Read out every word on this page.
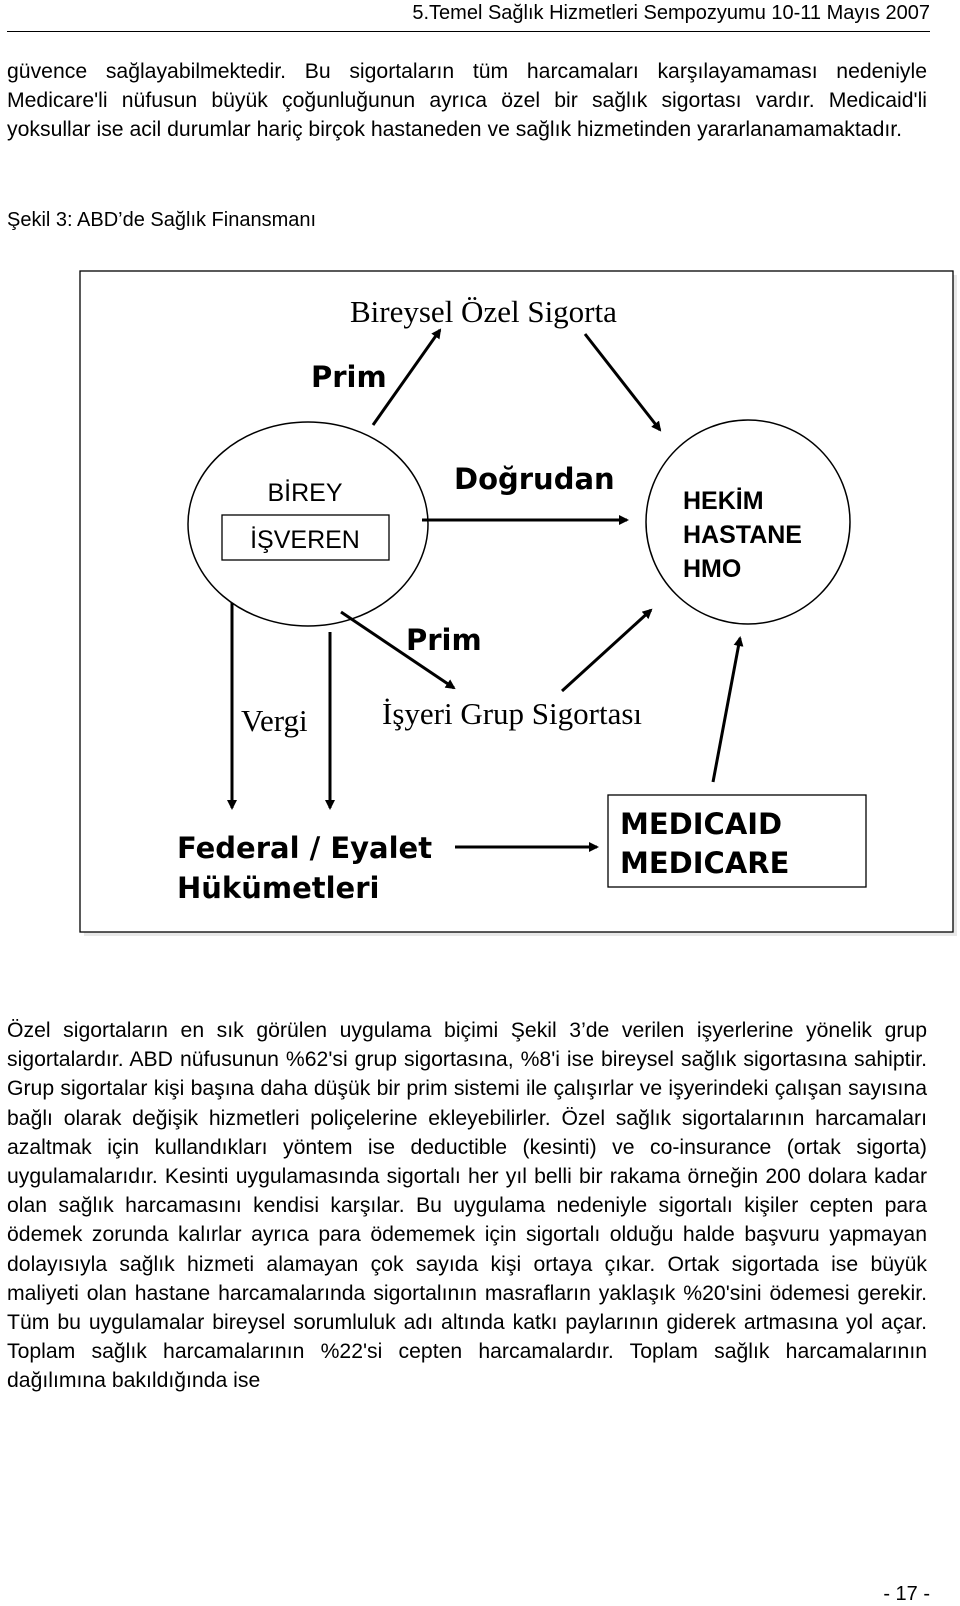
5.Temel Sağlık Hizmetleri Sempozyumu 10-11 Mayıs 2007

güvence sağlayabilmektedir. Bu sigortaların tüm harcamaları karşılayamaması nedeniyle Medicare'li nüfusun büyük çoğunluğunun ayrıca özel bir sağlık sigortası vardır. Medicaid'li yoksullar ise acil durumlar hariç birçok hastaneden ve sağlık hizmetinden yararlanamamaktadır.

Şekil 3: ABD’de Sağlık Finansmanı
Bireysel Özel Sigorta
Prim
BİREY
İŞVEREN
Doğrudan
HEKİM
HASTANE
HMO
Prim
Vergi İşyeri Grup Sigortası
Federal / Eyalet
Hükümetleri
MEDICAID
MEDICARE

Özel sigortaların en sık görülen uygulama biçimi Şekil 3’de verilen işyerlerine yönelik grup sigortalardır. ABD nüfusunun %62'si grup sigortasına, %8'i ise bireysel sağlık sigortasına sahiptir. Grup sigortalar kişi başına daha düşük bir prim sistemi ile çalışırlar ve işyerindeki çalışan sayısına bağlı olarak değişik hizmetleri poliçelerine ekleyebilirler. Özel sağlık sigortalarının harcamaları azaltmak için kullandıkları yöntem ise deductible (kesinti) ve co-insurance (ortak sigorta) uygulamalarıdır. Kesinti uygulamasında sigortalı her yıl belli bir rakama örneğin 200 dolara kadar olan sağlık harcamasını kendisi karşılar. Bu uygulama nedeniyle sigortalı kişiler cepten para ödemek zorunda kalırlar ayrıca para ödememek için sigortalı olduğu halde başvuru yapmayan dolayısıyla sağlık hizmeti alamayan çok sayıda kişi ortaya çıkar. Ortak sigortada ise büyük maliyeti olan hastane harcamalarında sigortalının masrafların yaklaşık %20'sini ödemesi gerekir. Tüm bu uygulamalar bireysel sorumluluk adı altında katkı paylarının giderek artmasına yol açar. Toplam sağlık harcamalarının %22'si cepten harcamalardır. Toplam sağlık harcamalarının dağılımına bakıldığında ise

- 17 -
